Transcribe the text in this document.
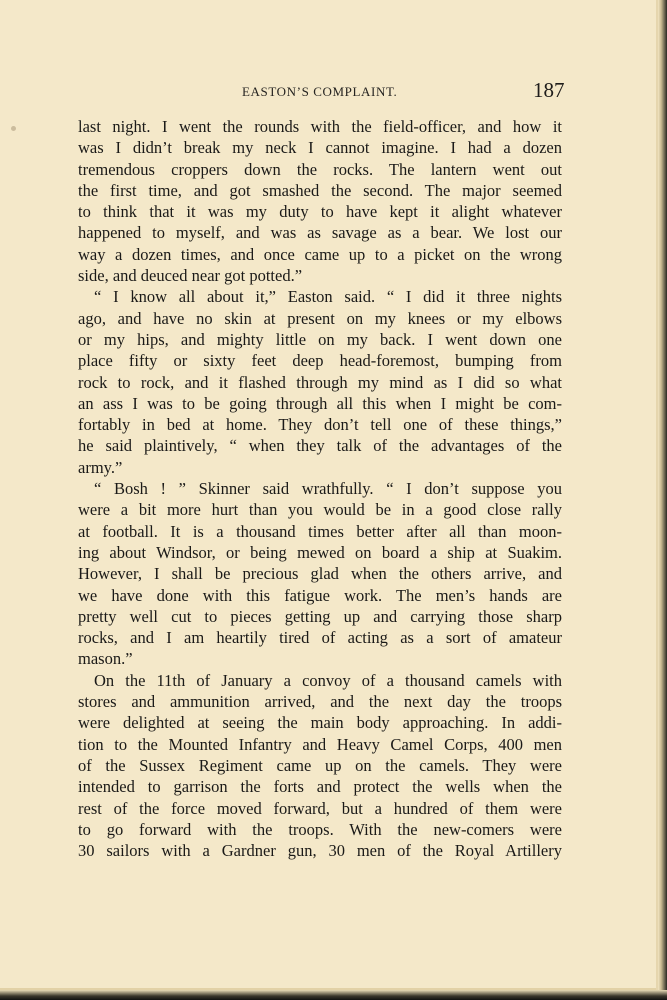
EASTON’S COMPLAINT.	187
last night. I went the rounds with the field-officer, and how it
was I didn’t break my neck I cannot imagine. I had a dozen
tremendous croppers down the rocks. The lantern went out
the first time, and got smashed the second. The major seemed
to think that it was my duty to have kept it alight whatever
happened to myself, and was as savage as a bear. We lost our
way a dozen times, and once came up to a picket on the wrong
side, and deuced near got potted.”
“ I know all about it,” Easton said. “ I did it three nights
ago, and have no skin at present on my knees or my elbows
or my hips, and mighty little on my back. I went down one
place fifty or sixty feet deep head-foremost, bumping from
rock to rock, and it flashed through my mind as I did so what
an ass I was to be going through all this when I might be com-
fortably in bed at home. They don’t tell one of these things,”
he said plaintively, “ when they talk of the advantages of the
army.”
“ Bosh ! ” Skinner said wrathfully. “ I don’t suppose you
were a bit more hurt than you would be in a good close rally
at football. It is a thousand times better after all than moon-
ing about Windsor, or being mewed on board a ship at Suakim.
However, I shall be precious glad when the others arrive, and
we have done with this fatigue work. The men’s hands are
pretty well cut to pieces getting up and carrying those sharp
rocks, and I am heartily tired of acting as a sort of amateur
mason.”
On the 11th of January a convoy of a thousand camels with
stores and ammunition arrived, and the next day the troops
were delighted at seeing the main body approaching. In addi-
tion to the Mounted Infantry and Heavy Camel Corps, 400 men
of the Sussex Regiment came up on the camels. They were
intended to garrison the forts and protect the wells when the
rest of the force moved forward, but a hundred of them were
to go forward with the troops. With the new-comers were
30 sailors with a Gardner gun, 30 men of the Royal Artillery
